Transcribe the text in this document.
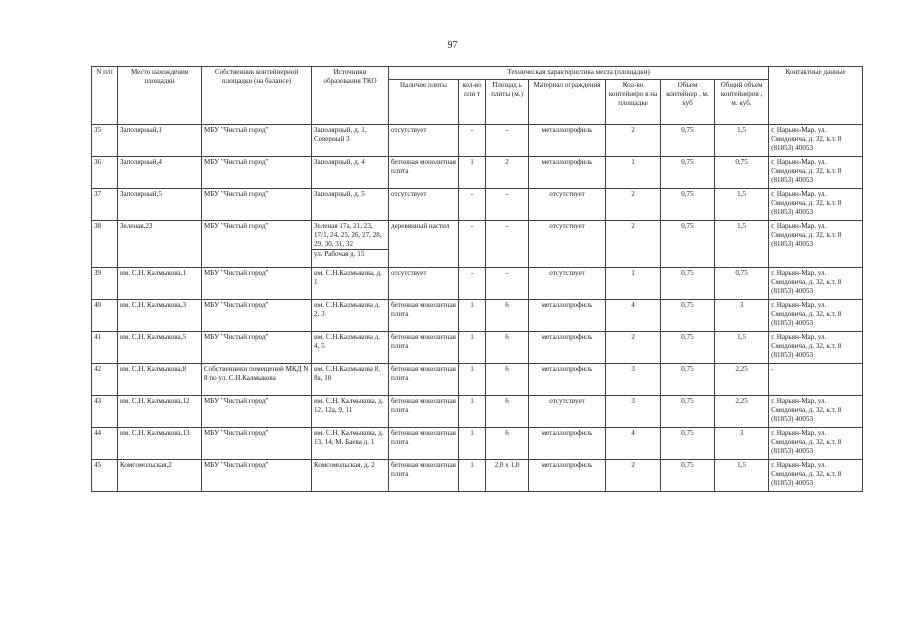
97
N п/п	Место нахождения площадки	Собственник контейнерной площадки (на балансе)	Источники образования ТКО	Техническая характеристика места (площадки)							Контактные данные
				Наличие плиты	кол-во пли т	Площад ь плиты (м.)	Материал ограждения	Кол-во контейнеро в на площадке	Объем контейнер , м. куб	Общий объем контейнеров , м. куб.	
35	Заполярный,1	МБУ "Чистый город"	Заполярный, д. 1, Северный 3	отсутствует	-	-	металлопрофиль	2	0,75	1,5	г. Нарьян-Мар, ул. Смидовича, д. 32, к.т. 8 (81853) 40053
36	Заполярный,4	МБУ "Чистый город"	Заполярный, д. 4	бетонная монолитная плита	1	2	металлопрофиль	1	0,75	0,75	г. Нарьян-Мар, ул. Смидовича, д. 32, к.т. 8 (81853) 40053
37	Заполярный,5	МБУ "Чистый город"	Заполярный, д. 5	отсутствует	-	-	отсутствует	2	0,75	1,5	г. Нарьян-Мар, ул. Смидовича, д. 32, к.т. 8 (81853) 40053
38	Зеленая,23	МБУ "Чистый город"	Зеленая 17а, 21, 23, 17/1, 24, 25, 26, 27, 28, 29, 30, 31, 32
ул. Рабочая д. 15	деревянный настил	-	-	отсутствует	2	0,75	1,5	г. Нарьян-Мар, ул. Смидовича, д. 32, к.т. 8 (81853) 40053
39	им. С.Н. Калмыкова,1	МБУ "Чистый город"	им. С.Н.Калмыкова, д. 1	отсутствует	-	-	отсутствует	1	0,75	0,75	г. Нарьян-Мар, ул. Смидовича, д. 32, к.т. 8 (81853) 40053
40	им. С.Н. Калмыкова,3	МБУ "Чистый город"	им. С.Н.Калмыкова д. 2, 3	бетонная монолитная плита	1	6	металлопрофиль	4	0,75	3	г. Нарьян-Мар, ул. Смидовича, д. 32, к.т. 8 (81853) 40053
41	им. С.Н. Калмыкова,5	МБУ "Чистый город"	им. С.Н.Калмыкова д. 4, 5	бетонная монолитная плита	1	6	металлопрофиль	2	0,75	1,5	г. Нарьян-Мар, ул. Смидовича, д. 32, к.т. 8 (81853) 40053
42	им. С.Н. Калмыкова,8	Собственники помещений МКД N 8 по ул. С.Н.Калмыкова	им. С.Н.Калмыкова 8, 8а, 10	бетонная монолитная плита	1	6	металлопрофиль	3	0,75	2,25	-
43	им. С.Н. Калмыкова,12	МБУ "Чистый город"	им. С.Н. Калмыкова, д. 12, 12а, 9, 11	бетонная монолитная плита	1	6	отсутствует	3	0,75	2,25	г. Нарьян-Мар, ул. Смидовича, д. 32, к.т. 8 (81853) 40053
44	им. С.Н. Калмыкова,13	МБУ "Чистый город"	им. С.Н. Калмыкова, д. 13, 14, М. Баева д. 1	бетонная монолитная плита	1	6	металлопрофиль	4	0,75	3	г. Нарьян-Мар, ул. Смидовича, д. 32, к.т. 8 (81853) 40053
45	Комсомольская,2	МБУ "Чистый город"	Комсомольская, д. 2	бетонная монолитная плита	1	2,0 х 1,0	металлопрофиль	2	0,75	1,5	г. Нарьян-Мар, ул. Смидовича, д. 32, к.т. 8 (81853) 40053
